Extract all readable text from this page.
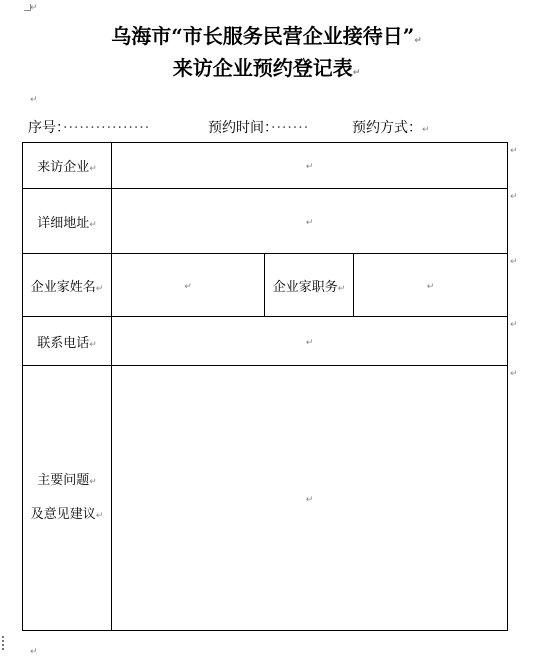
↵
乌海市“市长服务民营企业接待日”↵
来访企业预约登记表↵
↵
序号：················	预约时间：·······	预约方式：↵
来访企业↵	↵		
详细地址↵	↵		
企业家姓名↵	↵	企业家职务↵	↵
联系电话↵	↵		

主要问题↵
及意见建议↵	↵		
↵
↵
↵
↵
↵
↵
